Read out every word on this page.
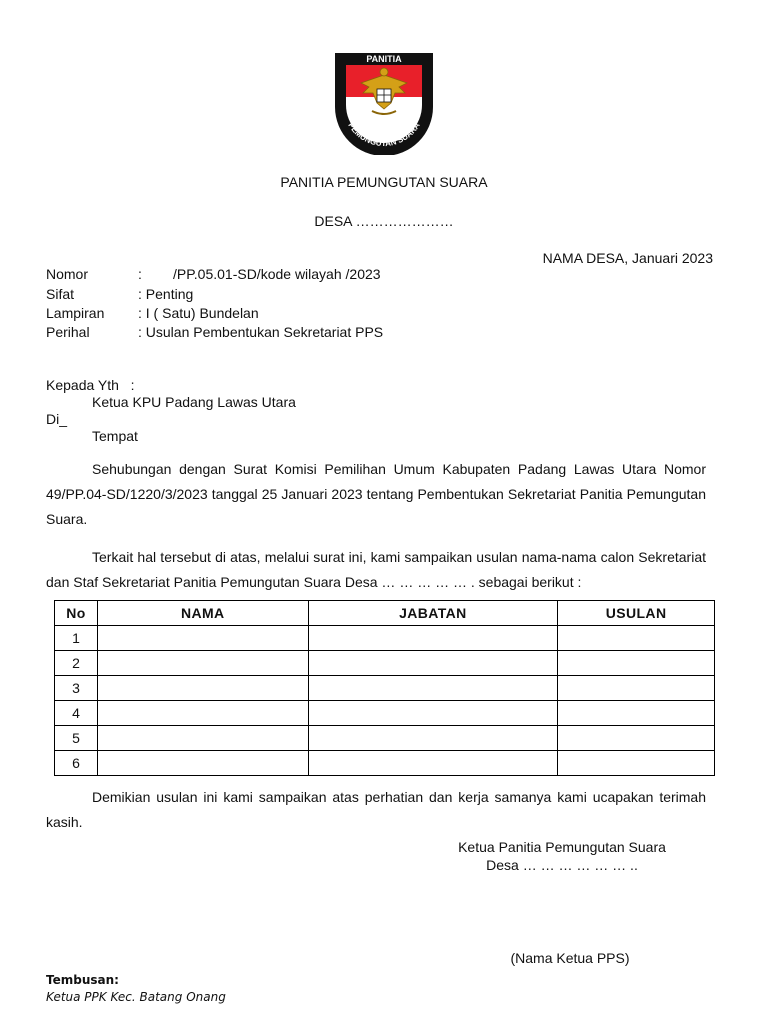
PANITIA
PEMUNGUTAN SUARA
PANITIA PEMUNGUTAN SUARA
DESA …………………
NAMA DESA, Januari 2023
Nomor	:        /PP.05.01-SD/kode wilayah /2023
Sifat	: Penting
Lampiran : I ( Satu) Bundelan
Perihal	: Usulan Pembentukan Sekretariat PPS
Kepada Yth   :
Ketua KPU Padang Lawas Utara
Di_
Tempat
Sehubungan dengan Surat Komisi Pemilihan Umum Kabupaten Padang Lawas Utara Nomor 49/PP.04-SD/1220/3/2023 tanggal 25 Januari 2023 tentang Pembentukan Sekretariat Panitia Pemungutan Suara.
Terkait hal tersebut di atas, melalui surat ini, kami sampaikan usulan nama-nama calon Sekretariat dan Staf Sekretariat Panitia Pemungutan Suara Desa … … … … … . sebagai berikut :
No	NAMA	JABATAN	USULAN
1			
2			
3			
4			
5			
6			
Demikian usulan ini kami sampaikan atas perhatian dan kerja samanya kami ucapakan terimah kasih.
Ketua Panitia Pemungutan Suara
Desa … … … … … … ..
(Nama Ketua PPS)
Tembusan:
Ketua PPK Kec. Batang Onang
